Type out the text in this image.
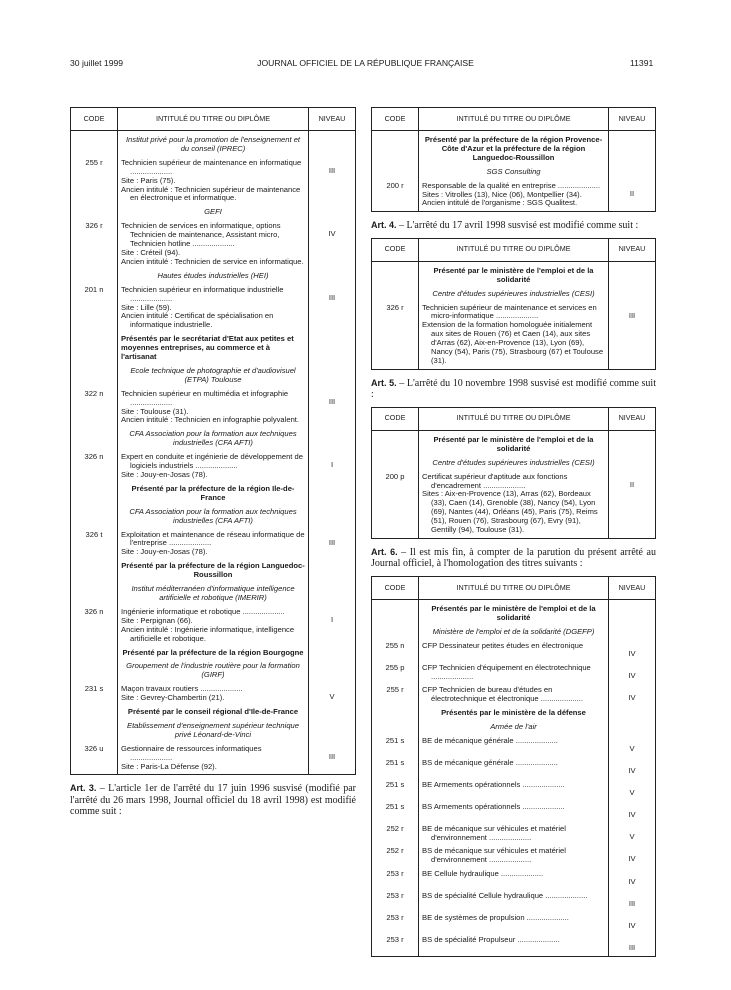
30 juillet 1999	JOURNAL OFFICIEL DE LA RÉPUBLIQUE FRANÇAISE	11391
CODE	INTITULÉ DU TITRE OU DIPLÔME	NIVEAU

	Institut privé pour la promotion de l'enseignement et du conseil (IPREC)	

255 r	Technicien supérieur de maintenance en informatique ....................
Site : Paris (75).
Ancien intitulé : Technicien supérieur de maintenance en électronique et informatique.	III

	GEFI	

326 r	Technicien de services en informatique, options Technicien de maintenance, Assistant micro, Technicien hotline ....................
Site : Créteil (94).
Ancien intitulé : Technicien de service en informatique.	IV

	Hautes études industrielles (HEI)	

201 n	Technicien supérieur en informatique industrielle ....................
Site : Lille (59).
Ancien intitulé : Certificat de spécialisation en informatique industrielle.	III

	Présentés par le secrétariat d'Etat aux petites et moyennes entreprises, au commerce et à l'artisanat	

	Ecole technique de photographie et d'audiovisuel (ETPA) Toulouse	

322 n	Technicien supérieur en multimédia et infographie ....................
Site : Toulouse (31).
Ancien intitulé : Technicien en infographie polyvalent.	III

	CFA Association pour la formation aux techniques industrielles (CFA AFTI)	

326 n	Expert en conduite et ingénierie de développement de logiciels industriels ....................
Site : Jouy-en-Josas (78).	I

	Présenté par la préfecture de la région Ile-de-France	

	CFA Association pour la formation aux techniques industrielles (CFA AFTI)	

326 t	Exploitation et maintenance de réseau informatique de l'entreprise ....................
Site : Jouy-en-Josas (78).	III

	Présenté par la préfecture de la région Languedoc-Roussillon	

	Institut méditerranéen d'informatique intelligence artificielle et robotique (IMERIR)	

326 n	Ingénierie informatique et robotique ....................
Site : Perpignan (66).
Ancien intitulé : Ingénierie informatique, intelligence artificielle et robotique.	I

	Présenté par la préfecture de la région Bourgogne	

	Groupement de l'industrie routière pour la formation (GIRF)	

231 s	Maçon travaux routiers ....................
Site : Gevrey-Chambertin (21).	V

	Présenté par le conseil régional d'Ile-de-France	

	Etablissement d'enseignement supérieur technique privé Léonard-de-Vinci	

326 u	Gestionnaire de ressources informatiques ....................
Site : Paris-La Défense (92).	III
Art. 3. – L'article 1er de l'arrêté du 17 juin 1996 susvisé (modifié par l'arrêté du 26 mars 1998, Journal officiel du 18 avril 1998) est modifié comme suit :
CODE	INTITULÉ DU TITRE OU DIPLÔME	NIVEAU

	Présenté par la préfecture de la région Provence-Côte d'Azur et la préfecture de la région Languedoc-Roussillon	

	SGS Consulting	

200 r	Responsable de la qualité en entreprise ....................
Sites : Vitrolles (13), Nice (06), Montpellier (34).
Ancien intitulé de l'organisme : SGS Qualitest.	II
Art. 4. – L'arrêté du 17 avril 1998 susvisé est modifié comme suit :
CODE	INTITULÉ DU TITRE OU DIPLÔME	NIVEAU

	Présenté par le ministère de l'emploi et de la solidarité	

	Centre d'études supérieures industrielles (CESI)	

326 r	Technicien supérieur de maintenance et services en micro-informatique ....................
Extension de la formation homologuée initialement aux sites de Rouen (76) et Caen (14), aux sites d'Arras (62), Aix-en-Provence (13), Lyon (69), Nancy (54), Paris (75), Strasbourg (67) et Toulouse (31).	III
Art. 5. – L'arrêté du 10 novembre 1998 susvisé est modifié comme suit :
CODE	INTITULÉ DU TITRE OU DIPLÔME	NIVEAU

	Présenté par le ministère de l'emploi et de la solidarité	

	Centre d'études supérieures industrielles (CESI)	

200 p	Certificat supérieur d'aptitude aux fonctions d'encadrement ....................
Sites : Aix-en-Provence (13), Arras (62), Bordeaux (33), Caen (14), Grenoble (38), Nancy (54), Lyon (69), Nantes (44), Orléans (45), Paris (75), Reims (51), Rouen (76), Strasbourg (67), Evry (91), Gentilly (94), Toulouse (31).	II
Art. 6. – Il est mis fin, à compter de la parution du présent arrêté au Journal officiel, à l'homologation des titres suivants :
CODE	INTITULÉ DU TITRE OU DIPLÔME	NIVEAU

	Présentés par le ministère de l'emploi et de la solidarité	

	Ministère de l'emploi et de la solidarité (DGEFP)	

255 n	CFP Dessinateur petites études en électronique	IV

255 p	CFP Technicien d'équipement en électrotechnique ....................	IV

255 r	CFP Technicien de bureau d'études en électrotechnique et électronique ....................	IV

	Présentés par le ministère de la défense	

	Armée de l'air	

251 s	BE de mécanique générale ....................	V

251 s	BS de mécanique générale ....................	IV

251 s	BE Armements opérationnels ....................	V

251 s	BS Armements opérationnels ....................	IV

252 r	BE de mécanique sur véhicules et matériel d'environnement ....................	V

252 r	BS de mécanique sur véhicules et matériel d'environnement ....................	IV

253 r	BE Cellule hydraulique ....................	IV

253 r	BS de spécialité Cellule hydraulique ....................	III

253 r	BE de systèmes de propulsion ....................	IV

253 r	BS de spécialité Propulseur ....................	III
